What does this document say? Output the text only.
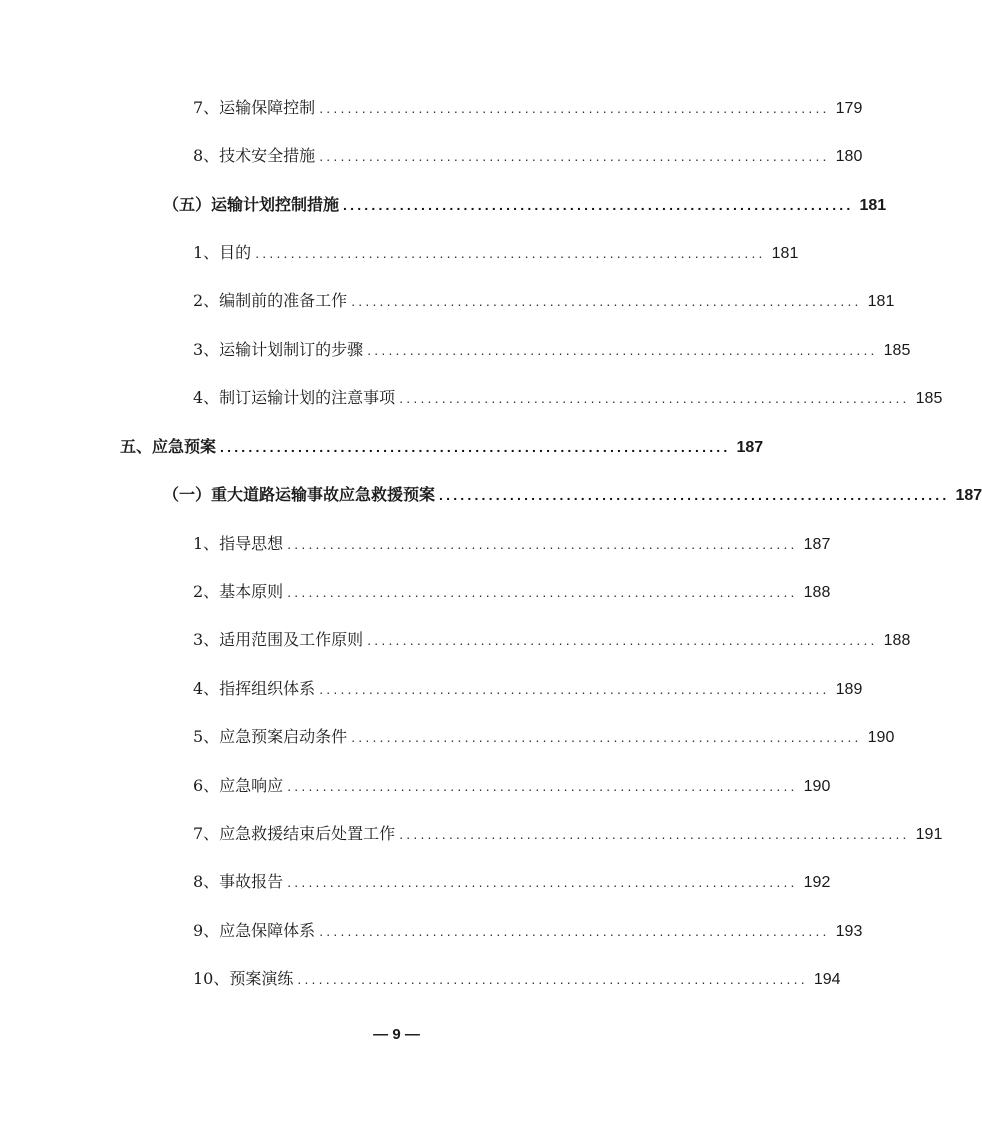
7、运输保障控制 ........................................................................ 179
8、技术安全措施 ........................................................................ 180
（五）运输计划控制措施 ........................................................................ 181
1、目的 ........................................................................ 181
2、编制前的准备工作 ........................................................................ 181
3、运输计划制订的步骤 ........................................................................ 185
4、制订运输计划的注意事项 ........................................................................ 185
五、应急预案 ........................................................................ 187
（一）重大道路运输事故应急救援预案 ........................................................................ 187
1、指导思想 ........................................................................ 187
2、基本原则 ........................................................................ 188
3、适用范围及工作原则 ........................................................................ 188
4、指挥组织体系 ........................................................................ 189
5、应急预案启动条件 ........................................................................ 190
6、应急响应 ........................................................................ 190
7、应急救援结束后处置工作 ........................................................................ 191
8、事故报告 ........................................................................ 192
9、应急保障体系 ........................................................................ 193
10、预案演练 ........................................................................ 194
— 9 —
